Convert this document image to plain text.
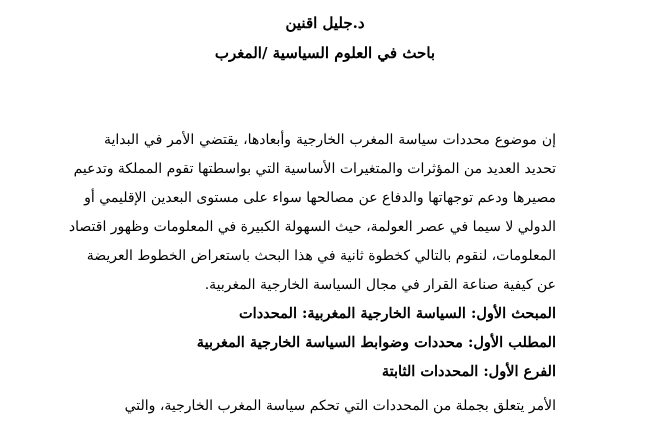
د.جليل اقنين
باحث في العلوم السياسية /المغرب
إن موضوع محددات سياسة المغرب الخارجية وأبعادها، يقتضي الأمر في البداية
تحديد العديد من المؤثرات والمتغيرات الأساسية التي بواسطتها تقوم المملكة وتدعيم
مصيرها ودعم توجهاتها والدفاع عن مصالحها سواء على مستوى البعدين الإقليمي أو
الدولي لا سيما في عصر العولمة، حيث السهولة الكبيرة في المعلومات وظهور اقتصاد
المعلومات، لنقوم بالتالي كخطوة ثانية في هذا البحث باستعراض الخطوط العريضة
عن كيفية صناعة القرار في مجال السياسة الخارجية المغربية.
المبحث الأول: السياسة الخارجية المغربية: المحددات
المطلب الأول: محددات وضوابط السياسة الخارجية المغربية
الفرع الأول: المحددات الثابتة
الأمر يتعلق بجملة من المحددات التي تحكم سياسة المغرب الخارجية، والتي
